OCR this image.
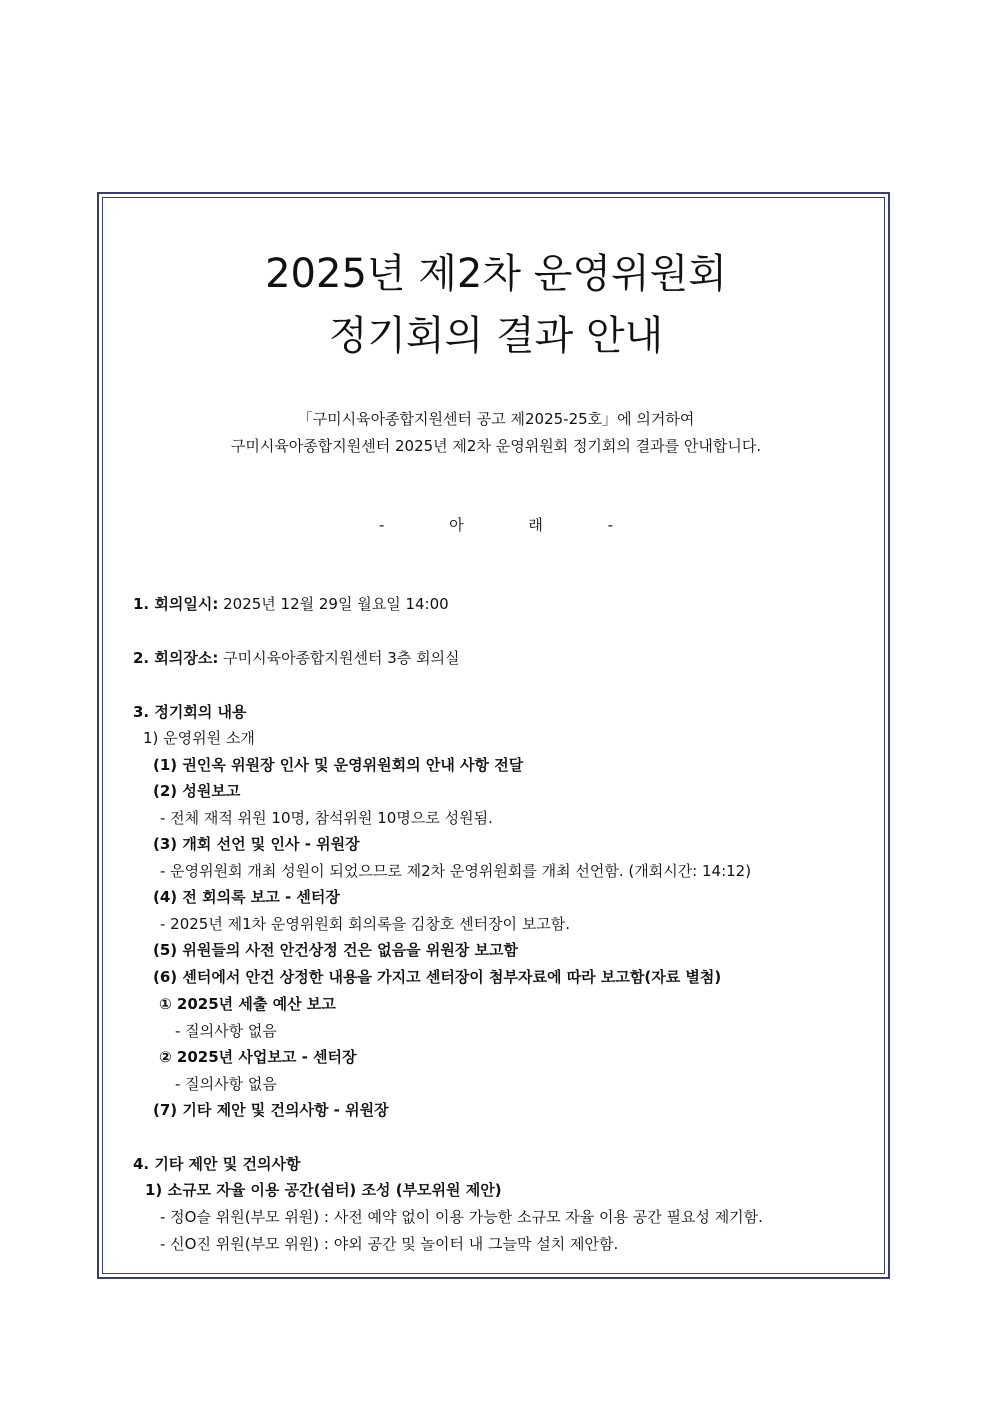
2025년 제2차 운영위원회
정기회의 결과 안내
「구미시육아종합지원센터 공고 제2025-25호」에 의거하여
구미시육아종합지원센터 2025년 제2차 운영위원회 정기회의 결과를 안내합니다.
- 아 래 -
1. 회의일시: 2025년 12월 29일 월요일 14:00
2. 회의장소: 구미시육아종합지원센터 3층 회의실
3. 정기회의 내용
1) 운영위원 소개
(1) 권인옥 위원장 인사 및 운영위원회의 안내 사항 전달
(2) 성원보고
- 전체 재적 위원 10명, 참석위원 10명으로 성원됨.
(3) 개회 선언 및 인사 - 위원장
- 운영위원회 개최 성원이 되었으므로 제2차 운영위원회를 개최 선언함. (개회시간: 14:12)
(4) 전 회의록 보고 - 센터장
- 2025년 제1차 운영위원회 회의록을 김창호 센터장이 보고함.
(5) 위원들의 사전 안건상정 건은 없음을 위원장 보고함
(6) 센터에서 안건 상정한 내용을 가지고 센터장이 첨부자료에 따라 보고함(자료 별첨)
① 2025년 세출 예산 보고
- 질의사항 없음
② 2025년 사업보고 - 센터장
- 질의사항 없음
(7) 기타 제안 및 건의사항 - 위원장
4. 기타 제안 및 건의사항
1) 소규모 자율 이용 공간(쉼터) 조성 (부모위원 제안)
- 정O슬 위원(부모 위원) : 사전 예약 없이 이용 가능한 소규모 자율 이용 공간 필요성 제기함.
- 신O진 위원(부모 위원) : 야외 공간 및 놀이터 내 그늘막 설치 제안함.
